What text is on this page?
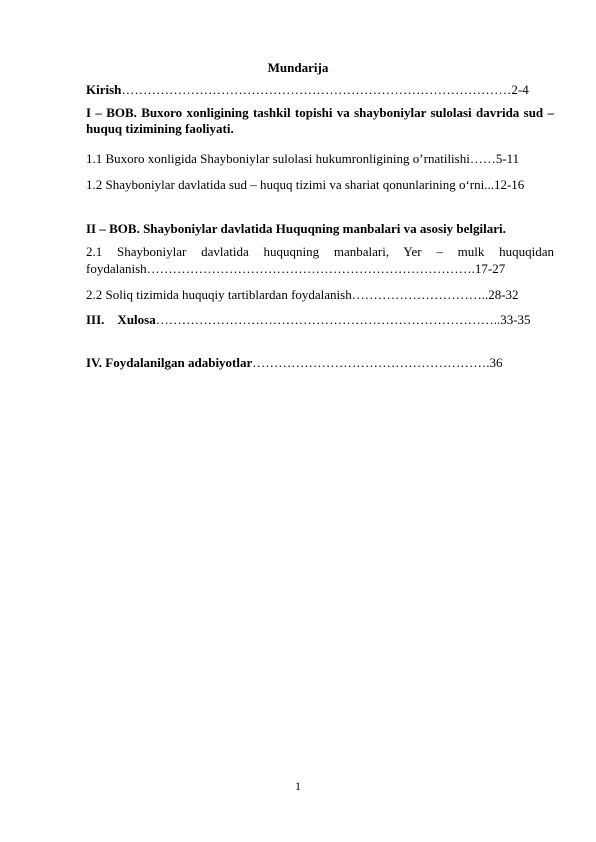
Mundarija
Kirish………………………………………………………………………………2-4
I – BOB. Buxoro xonligining tashkil topishi va shayboniylar sulolasi davrida sud – huquq tizimining faoliyati.
1.1 Buxoro xonligida Shayboniylar sulolasi hukumronligining o’rnatilishi……5-11
1.2 Shayboniylar davlatida sud – huquq tizimi va shariat qonunlarining o‘rni...12-16
II – BOB. Shayboniylar davlatida Huquqning manbalari va asosiy belgilari.
2.1 Shayboniylar davlatida huquqning manbalari, Yer – mulk huquqidan
foydalanish………………………………………………………………….17-27
2.2 Soliq tizimida huquqiy tartiblardan foydalanish…………………………..28-32
III.    Xulosa……………………………………………………………………..33-35
IV. Foydalanilgan adabiyotlar……………………………………………….36
1
